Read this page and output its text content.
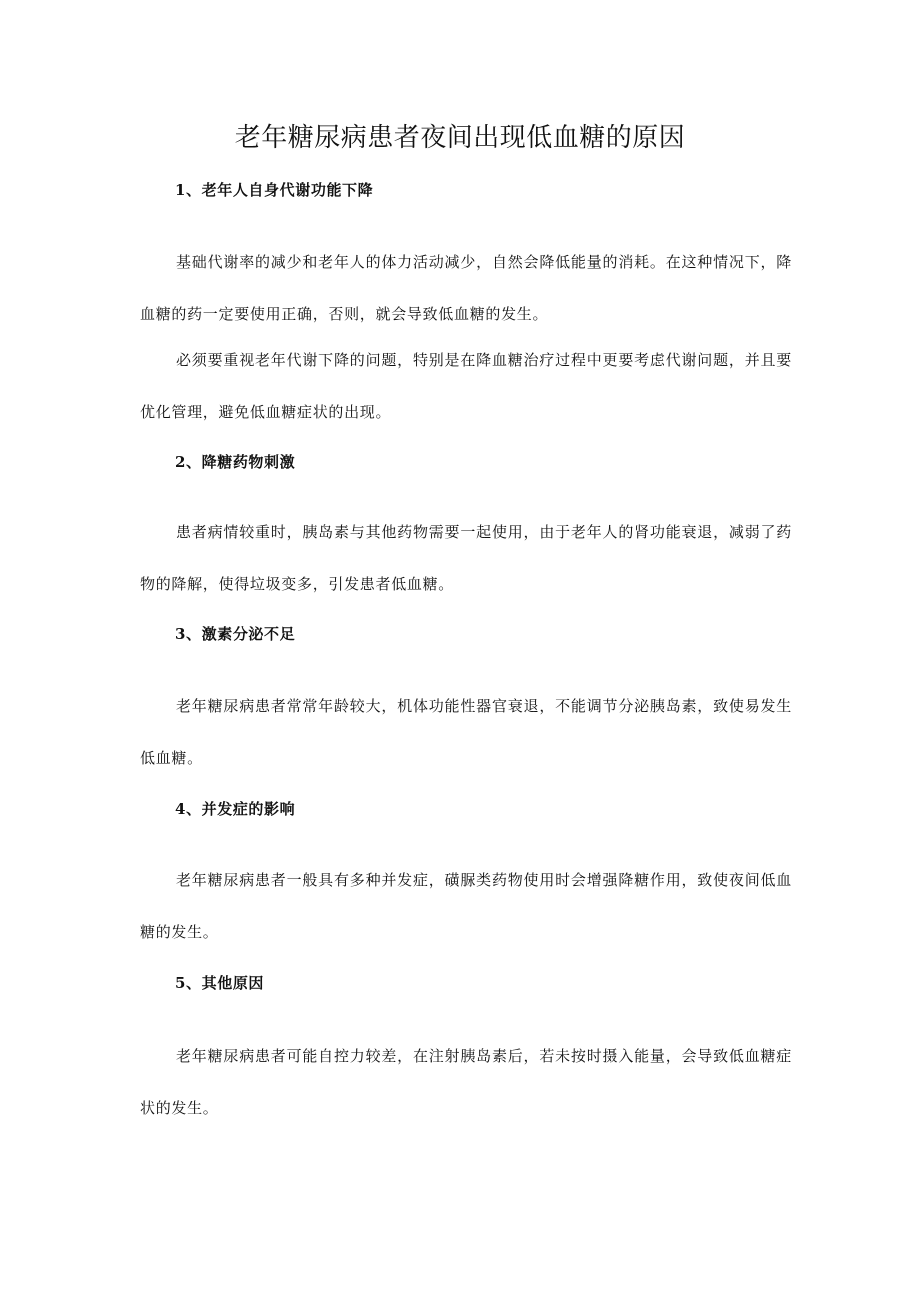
老年糖尿病患者夜间出现低血糖的原因
1、老年人自身代谢功能下降

基础代谢率的减少和老年人的体力活动减少，自然会降低能量的消耗。在这种情况下，降血糖的药一定要使用正确，否则，就会导致低血糖的发生。

必须要重视老年代谢下降的问题，特别是在降血糖治疗过程中更要考虑代谢问题，并且要优化管理，避免低血糖症状的出现。

2、降糖药物刺激

患者病情较重时，胰岛素与其他药物需要一起使用，由于老年人的肾功能衰退，减弱了药物的降解，使得垃圾变多，引发患者低血糖。

3、激素分泌不足

老年糖尿病患者常常年龄较大，机体功能性器官衰退，不能调节分泌胰岛素，致使易发生低血糖。

4、并发症的影响

老年糖尿病患者一般具有多种并发症，磺脲类药物使用时会增强降糖作用，致使夜间低血糖的发生。

5、其他原因

老年糖尿病患者可能自控力较差，在注射胰岛素后，若未按时摄入能量，会导致低血糖症状的发生。
